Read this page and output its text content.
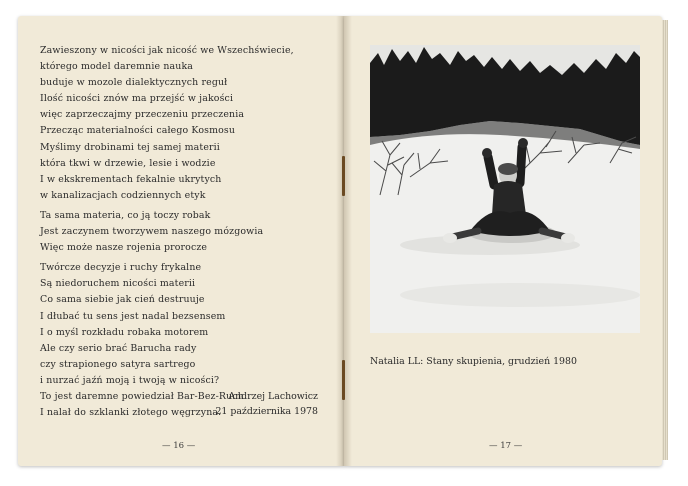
Zawieszony w nicości jak nicość we Wszechświecie,
którego model daremnie nauka
buduje w mozole dialektycznych reguł
Ilość nicości znów ma przejść w jakości
więc zaprzeczajmy przeczeniu przeczenia
Przecząc materialności całego Kosmosu
Myślimy drobinami tej samej materii
która tkwi w drzewie, lesie i wodzie
I w ekskrementach fekalnie ukrytych
w kanalizacjach codziennych etyk
Ta sama materia, co ją toczy robak
Jest zaczynem tworzywem naszego mózgowia
Więc może nasze rojenia prorocze
Twórcze decyzje i ruchy frykalne
Są niedoruchem nicości materii
Co sama siebie jak cień destruuje
I dłubać tu sens jest nadal bezsensem
I o myśl rozkładu robaka motorem
Ale czy serio brać Barucha rady
czy strapionego satyra sartrego
i nurzać jaźń moją i twoją w nicości?
To jest daremne powiedział Bar-Bez-Ruch
I nalał do szklanki złotego węgrzyna.
Andrzej Lachowicz
21 października 1978
— 16 —
Natalia LL: Stany skupienia, grudzień 1980
— 17 —
